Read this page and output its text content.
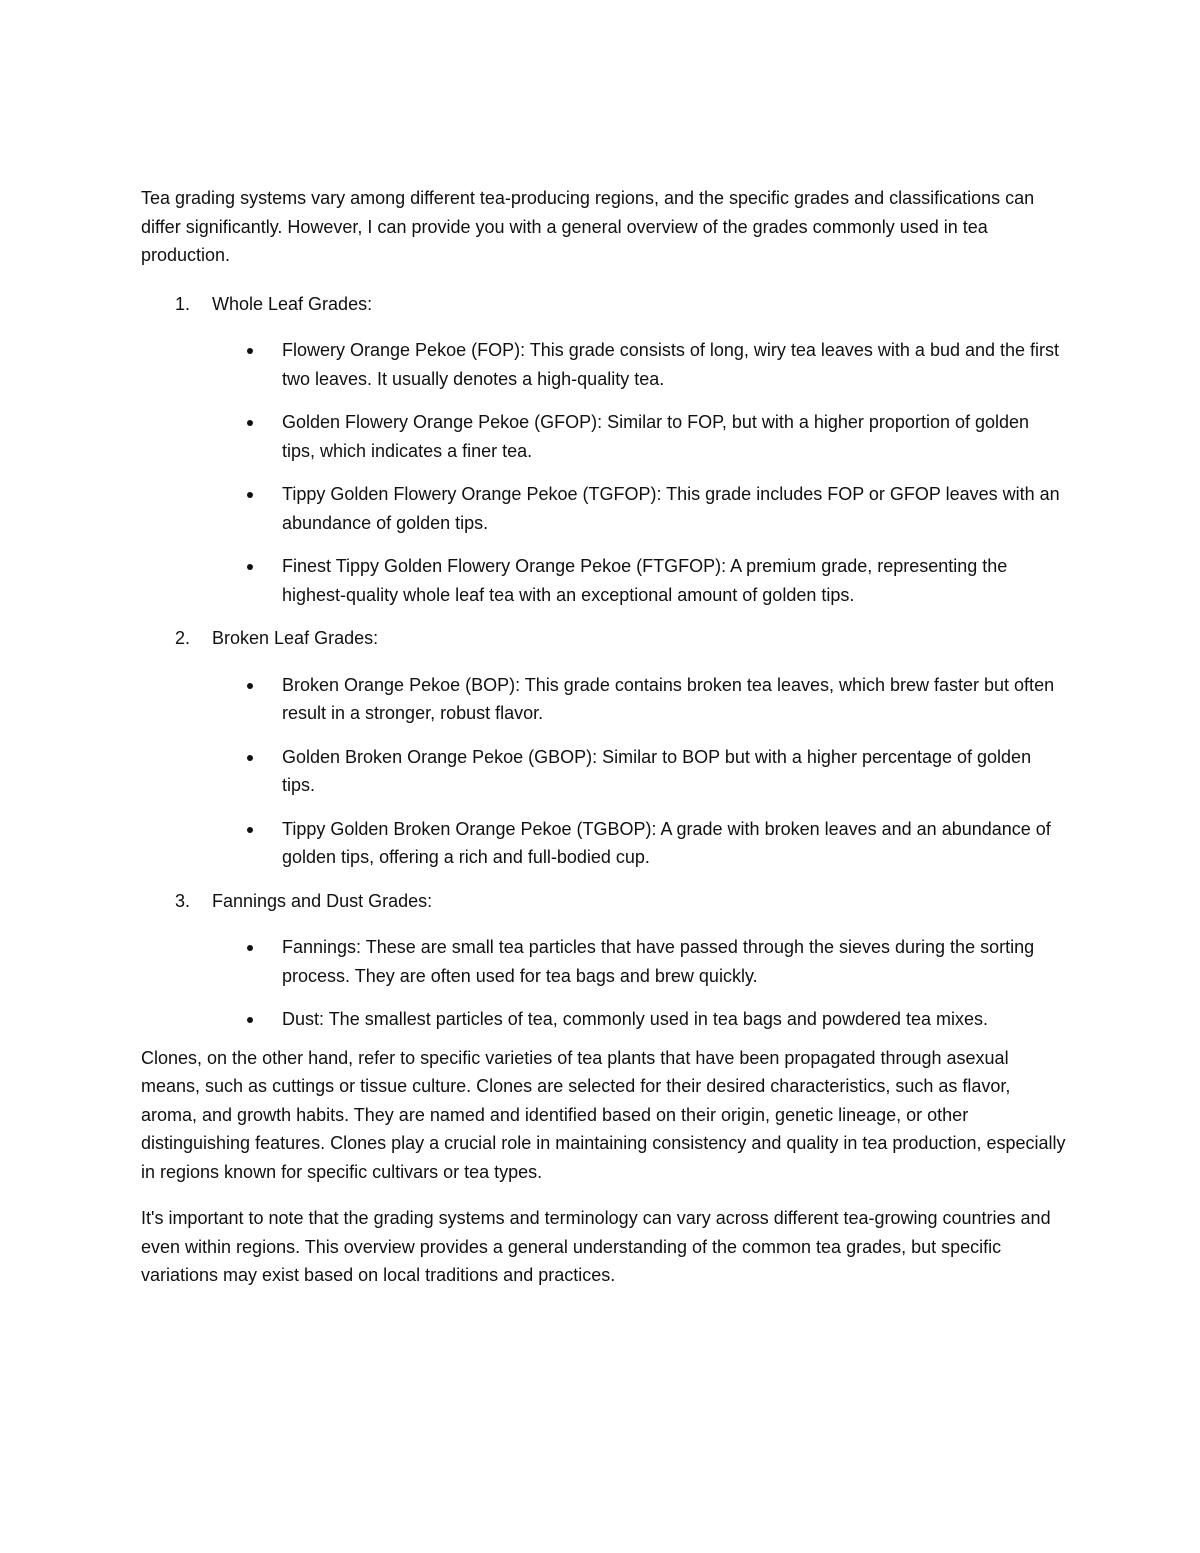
Tea grading systems vary among different tea-producing regions, and the specific grades and classifications can differ significantly. However, I can provide you with a general overview of the grades commonly used in tea production.

1. Whole Leaf Grades:
Flowery Orange Pekoe (FOP): This grade consists of long, wiry tea leaves with a bud and the first two leaves. It usually denotes a high-quality tea.
Golden Flowery Orange Pekoe (GFOP): Similar to FOP, but with a higher proportion of golden tips, which indicates a finer tea.
Tippy Golden Flowery Orange Pekoe (TGFOP): This grade includes FOP or GFOP leaves with an abundance of golden tips.
Finest Tippy Golden Flowery Orange Pekoe (FTGFOP): A premium grade, representing the highest-quality whole leaf tea with an exceptional amount of golden tips.
2. Broken Leaf Grades:
Broken Orange Pekoe (BOP): This grade contains broken tea leaves, which brew faster but often result in a stronger, robust flavor.
Golden Broken Orange Pekoe (GBOP): Similar to BOP but with a higher percentage of golden tips.
Tippy Golden Broken Orange Pekoe (TGBOP): A grade with broken leaves and an abundance of golden tips, offering a rich and full-bodied cup.
3. Fannings and Dust Grades:
Fannings: These are small tea particles that have passed through the sieves during the sorting process. They are often used for tea bags and brew quickly.
Dust: The smallest particles of tea, commonly used in tea bags and powdered tea mixes.

Clones, on the other hand, refer to specific varieties of tea plants that have been propagated through asexual means, such as cuttings or tissue culture. Clones are selected for their desired characteristics, such as flavor, aroma, and growth habits. They are named and identified based on their origin, genetic lineage, or other distinguishing features. Clones play a crucial role in maintaining consistency and quality in tea production, especially in regions known for specific cultivars or tea types.

It's important to note that the grading systems and terminology can vary across different tea-growing countries and even within regions. This overview provides a general understanding of the common tea grades, but specific variations may exist based on local traditions and practices.
